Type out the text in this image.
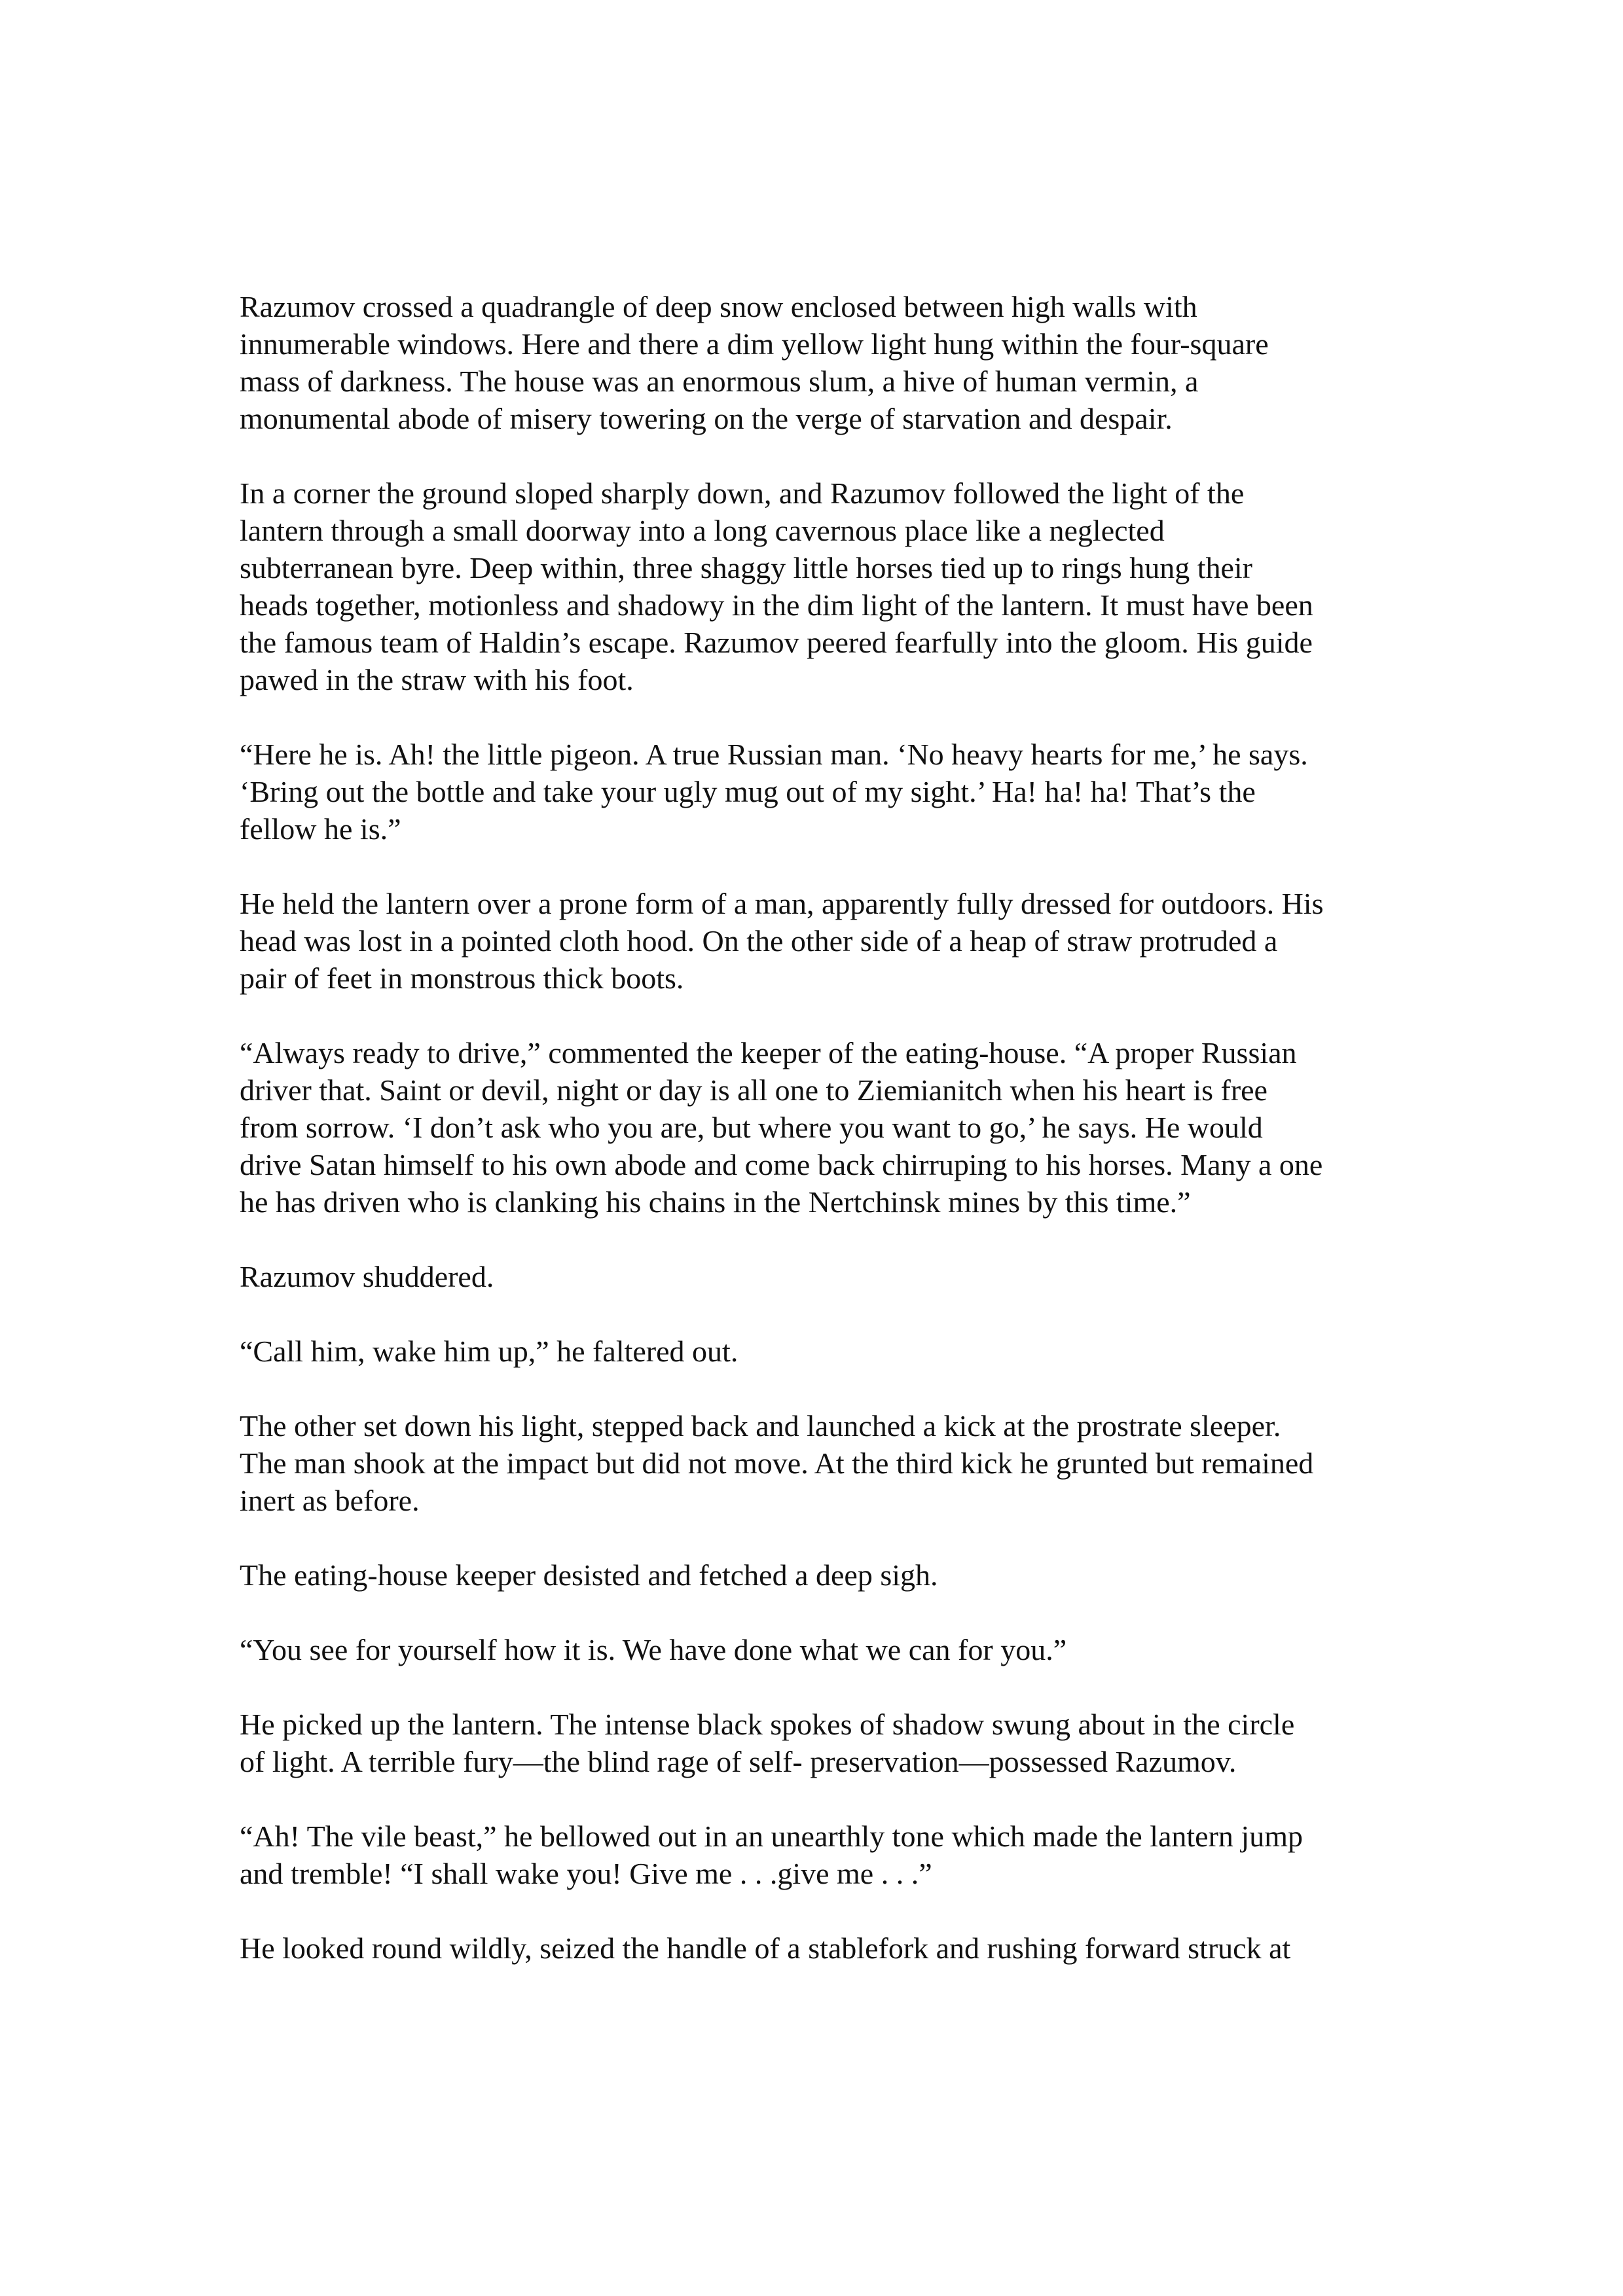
Razumov crossed a quadrangle of deep snow enclosed between high walls with
innumerable windows. Here and there a dim yellow light hung within the four-square
mass of darkness. The house was an enormous slum, a hive of human vermin, a
monumental abode of misery towering on the verge of starvation and despair.

In a corner the ground sloped sharply down, and Razumov followed the light of the
lantern through a small doorway into a long cavernous place like a neglected
subterranean byre. Deep within, three shaggy little horses tied up to rings hung their
heads together, motionless and shadowy in the dim light of the lantern. It must have been
the famous team of Haldin’s escape. Razumov peered fearfully into the gloom. His guide
pawed in the straw with his foot.

“Here he is. Ah! the little pigeon. A true Russian man. ‘No heavy hearts for me,’ he says.
‘Bring out the bottle and take your ugly mug out of my sight.’ Ha! ha! ha! That’s the
fellow he is.”

He held the lantern over a prone form of a man, apparently fully dressed for outdoors. His
head was lost in a pointed cloth hood. On the other side of a heap of straw protruded a
pair of feet in monstrous thick boots.

“Always ready to drive,” commented the keeper of the eating-house. “A proper Russian
driver that. Saint or devil, night or day is all one to Ziemianitch when his heart is free
from sorrow. ‘I don’t ask who you are, but where you want to go,’ he says. He would
drive Satan himself to his own abode and come back chirruping to his horses. Many a one
he has driven who is clanking his chains in the Nertchinsk mines by this time.”

Razumov shuddered.

“Call him, wake him up,” he faltered out.

The other set down his light, stepped back and launched a kick at the prostrate sleeper.
The man shook at the impact but did not move. At the third kick he grunted but remained
inert as before.

The eating-house keeper desisted and fetched a deep sigh.

“You see for yourself how it is. We have done what we can for you.”

He picked up the lantern. The intense black spokes of shadow swung about in the circle
of light. A terrible fury—the blind rage of self- preservation—possessed Razumov.

“Ah! The vile beast,” he bellowed out in an unearthly tone which made the lantern jump
and tremble! “I shall wake you! Give me . . .give me . . .”

He looked round wildly, seized the handle of a stablefork and rushing forward struck at
